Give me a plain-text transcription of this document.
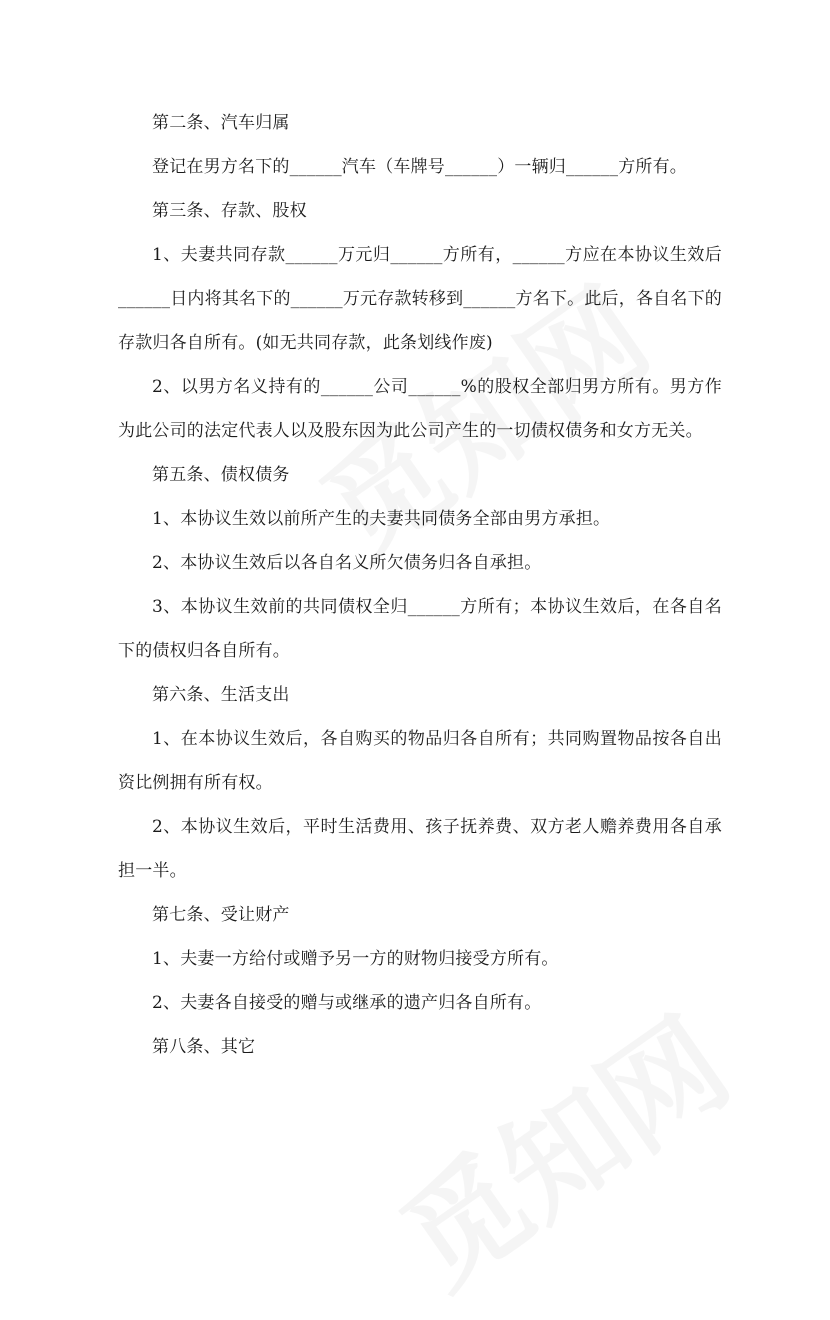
第二条、汽车归属

登记在男方名下的______汽车（车牌号______）一辆归______方所有。

第三条、存款、股权

1、夫妻共同存款______万元归______方所有，______方应在本协议生效后______日内将其名下的______万元存款转移到______方名下。此后，各自名下的存款归各自所有。(如无共同存款，此条划线作废)

2、以男方名义持有的______公司______%的股权全部归男方所有。男方作为此公司的法定代表人以及股东因为此公司产生的一切债权债务和女方无关。

第五条、债权债务

1、本协议生效以前所产生的夫妻共同债务全部由男方承担。

2、本协议生效后以各自名义所欠债务归各自承担。

3、本协议生效前的共同债权全归______方所有；本协议生效后，在各自名下的债权归各自所有。

第六条、生活支出

1、在本协议生效后，各自购买的物品归各自所有；共同购置物品按各自出资比例拥有所有权。

2、本协议生效后，平时生活费用、孩子抚养费、双方老人赡养费用各自承担一半。

第七条、受让财产

1、夫妻一方给付或赠予另一方的财物归接受方所有。

2、夫妻各自接受的赠与或继承的遗产归各自所有。

第八条、其它
